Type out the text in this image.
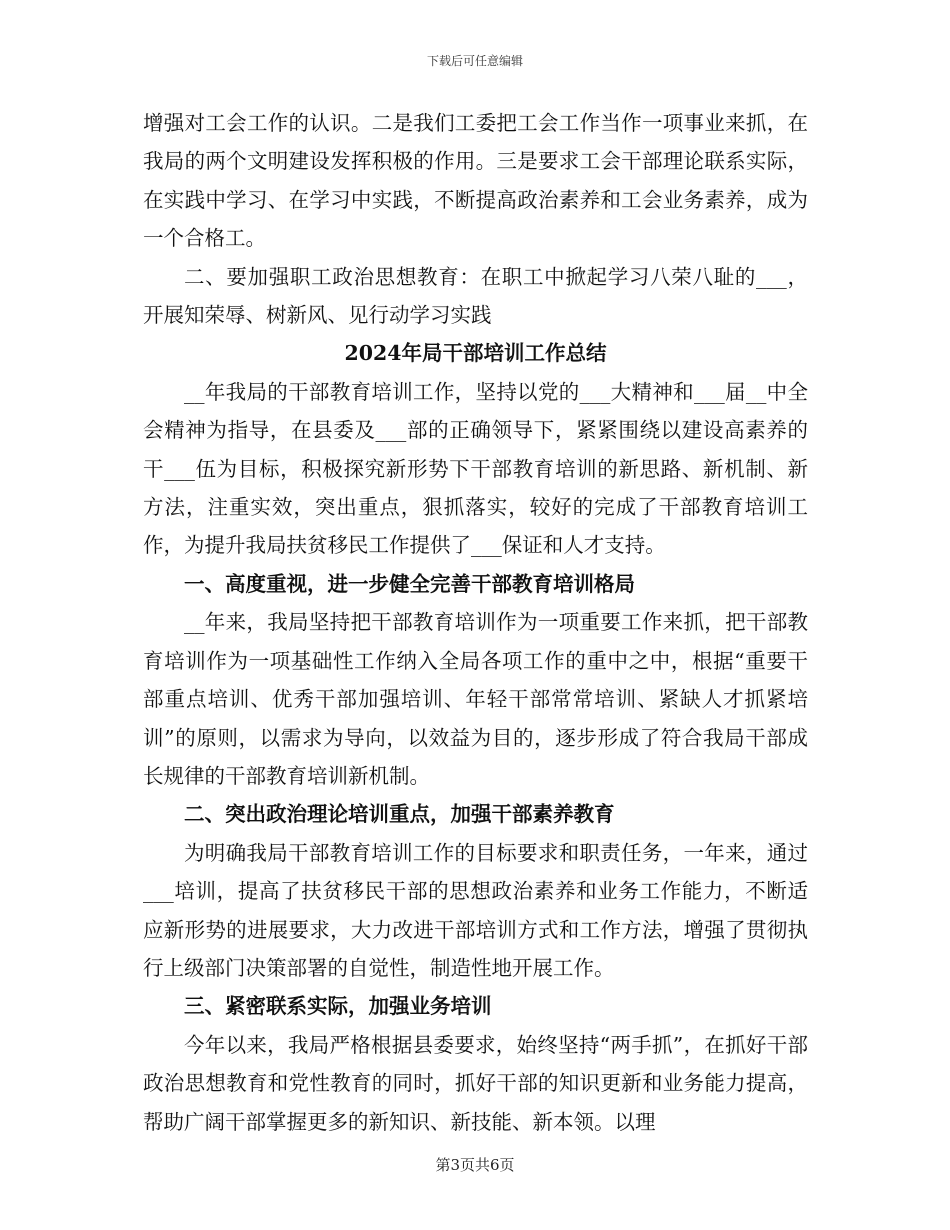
下载后可任意编辑

增强对工会工作的认识。二是我们工委把工会工作当作一项事业来抓，在我局的两个文明建设发挥积极的作用。三是要求工会干部理论联系实际，在实践中学习、在学习中实践，不断提高政治素养和工会业务素养，成为一个合格工。

二、要加强职工政治思想教育：在职工中掀起学习八荣八耻的___，开展知荣辱、树新风、见行动学习实践

2024年局干部培训工作总结

__年我局的干部教育培训工作，坚持以党的___大精神和___届__中全会精神为指导，在县委及___部的正确领导下，紧紧围绕以建设高素养的干___伍为目标，积极探究新形势下干部教育培训的新思路、新机制、新方法，注重实效，突出重点，狠抓落实，较好的完成了干部教育培训工作，为提升我局扶贫移民工作提供了___保证和人才支持。

一、高度重视，进一步健全完善干部教育培训格局

__年来，我局坚持把干部教育培训作为一项重要工作来抓，把干部教育培训作为一项基础性工作纳入全局各项工作的重中之中，根据“重要干部重点培训、优秀干部加强培训、年轻干部常常培训、紧缺人才抓紧培训”的原则，以需求为导向，以效益为目的，逐步形成了符合我局干部成长规律的干部教育培训新机制。

二、突出政治理论培训重点，加强干部素养教育

为明确我局干部教育培训工作的目标要求和职责任务，一年来，通过___培训，提高了扶贫移民干部的思想政治素养和业务工作能力，不断适应新形势的进展要求，大力改进干部培训方式和工作方法，增强了贯彻执行上级部门决策部署的自觉性，制造性地开展工作。

三、紧密联系实际，加强业务培训

今年以来，我局严格根据县委要求，始终坚持“两手抓”，在抓好干部政治思想教育和党性教育的同时，抓好干部的知识更新和业务能力提高，帮助广阔干部掌握更多的新知识、新技能、新本领。以理

第3页共6页
